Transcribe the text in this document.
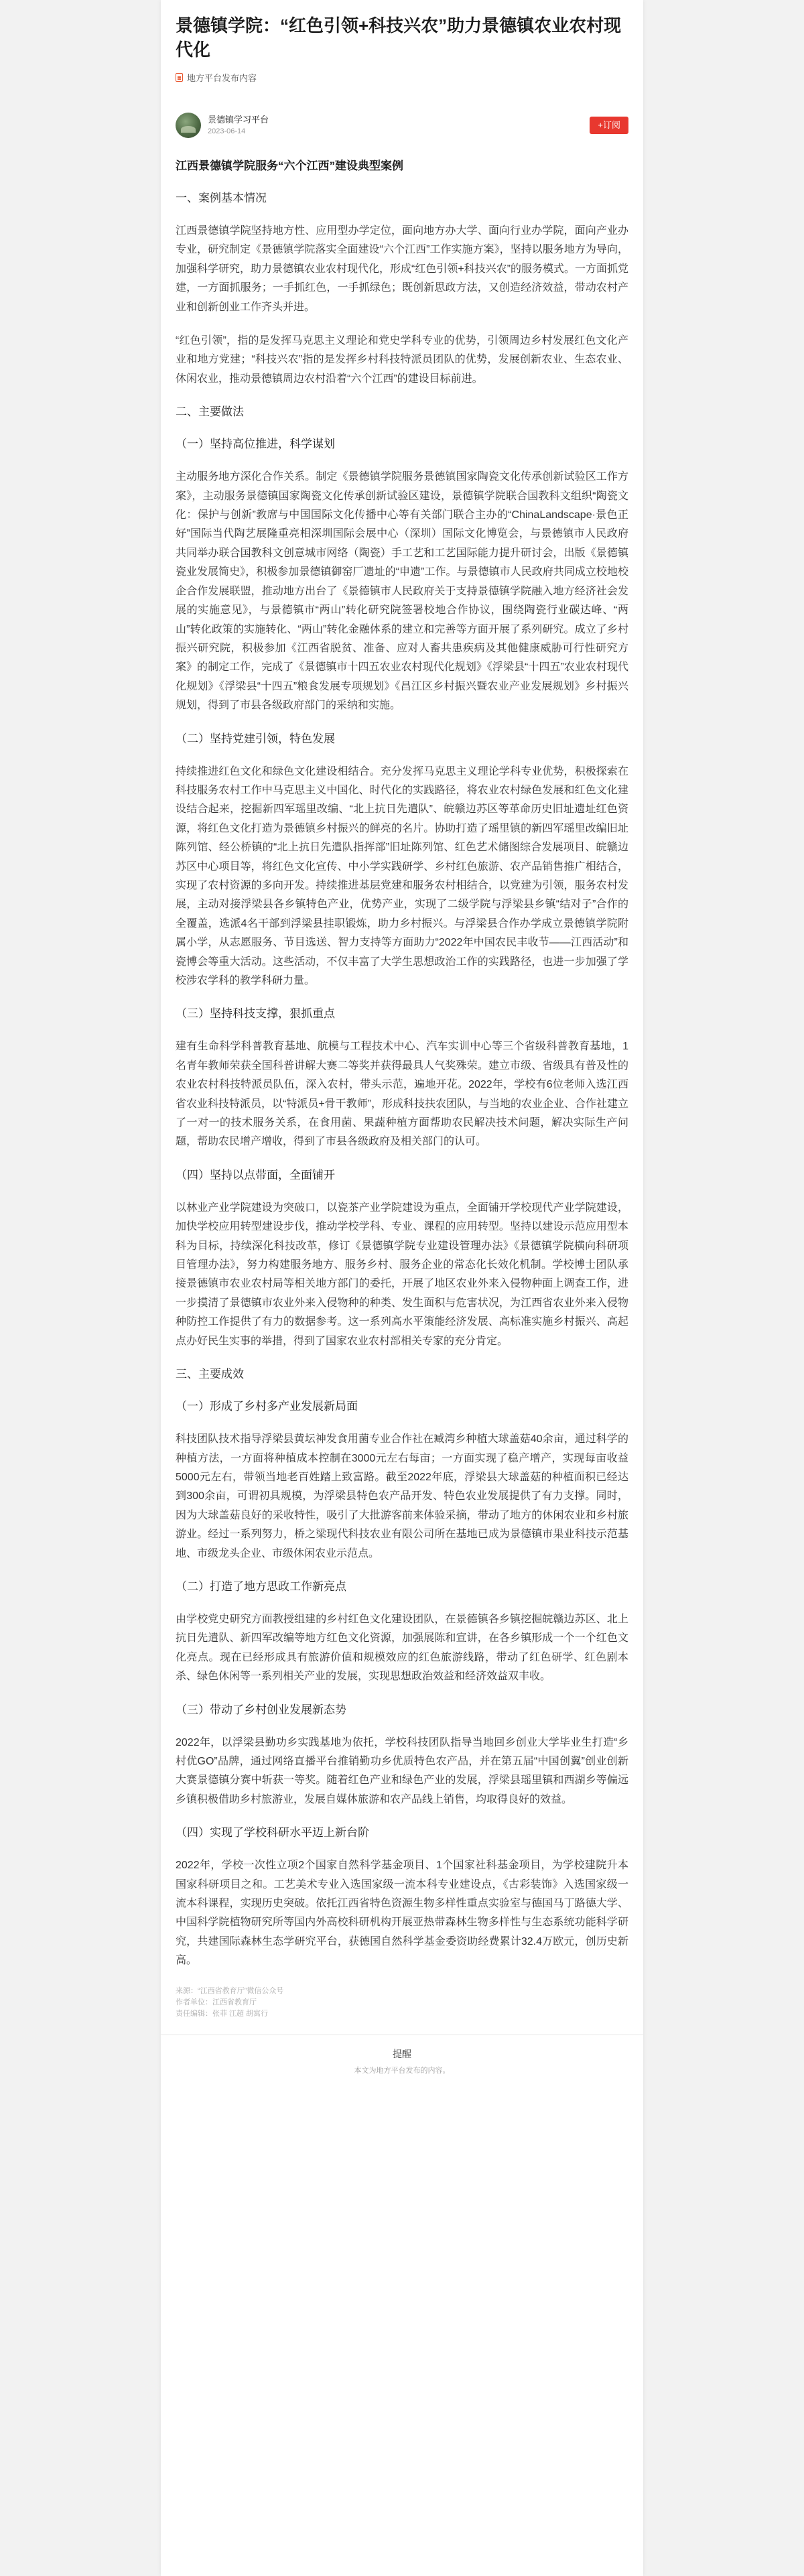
景德镇学院：“红色引领+科技兴农”助力景德镇农业农村现代化
地方平台发布内容
景德镇学习平台
2023-06-14
+订阅
江西景德镇学院服务“六个江西”建设典型案例
一、案例基本情况

江西景德镇学院坚持地方性、应用型办学定位，面向地方办大学、面向行业办学院，面向产业办专业，研究制定《景德镇学院落实全面建设“六个江西”工作实施方案》，坚持以服务地方为导向，加强科学研究，助力景德镇农业农村现代化，形成“红色引领+科技兴农”的服务模式。一方面抓党建，一方面抓服务；一手抓红色，一手抓绿色；既创新思政方法，又创造经济效益，带动农村产业和创新创业工作齐头并进。

“红色引领”，指的是发挥马克思主义理论和党史学科专业的优势，引领周边乡村发展红色文化产业和地方党建；“科技兴农”指的是发挥乡村科技特派员团队的优势，发展创新农业、生态农业、休闲农业，推动景德镇周边农村沿着“六个江西”的建设目标前进。

二、主要做法
（一）坚持高位推进，科学谋划

主动服务地方深化合作关系。制定《景德镇学院服务景德镇国家陶瓷文化传承创新试验区工作方案》，主动服务景德镇国家陶瓷文化传承创新试验区建设，景德镇学院联合国教科文组织“陶瓷文化：保护与创新”教席与中国国际文化传播中心等有关部门联合主办的“ChinaLandscape·景色正好”国际当代陶艺展隆重亮相深圳国际会展中心（深圳）国际文化博览会，与景德镇市人民政府共同举办联合国教科文创意城市网络（陶瓷）手工艺和工艺国际能力提升研讨会，出版《景德镇瓷业发展简史》，积极参加景德镇御窑厂遗址的“申遗”工作。与景德镇市人民政府共同成立校地校企合作发展联盟，推动地方出台了《景德镇市人民政府关于支持景德镇学院融入地方经济社会发展的实施意见》，与景德镇市“两山”转化研究院签署校地合作协议，围绕陶瓷行业碳达峰、“两山”转化政策的实施转化、“两山”转化金融体系的建立和完善等方面开展了系列研究。成立了乡村振兴研究院，积极参加《江西省脱贫、准备、应对人畜共患疾病及其他健康威胁可行性研究方案》的制定工作，完成了《景德镇市十四五农业农村现代化规划》《浮梁县“十四五”农业农村现代化规划》《浮梁县“十四五”粮食发展专项规划》《昌江区乡村振兴暨农业产业发展规划》乡村振兴规划，得到了市县各级政府部门的采纳和实施。

（二）坚持党建引领，特色发展

持续推进红色文化和绿色文化建设相结合。充分发挥马克思主义理论学科专业优势，积极探索在科技服务农村工作中马克思主义中国化、时代化的实践路径，将农业农村绿色发展和红色文化建设结合起来，挖掘新四军瑶里改编、“北上抗日先遣队”、皖赣边苏区等革命历史旧址遗址红色资源，将红色文化打造为景德镇乡村振兴的鲜亮的名片。协助打造了瑶里镇的新四军瑶里改编旧址陈列馆、经公桥镇的“北上抗日先遣队指挥部”旧址陈列馆、红色艺术储图综合发展项目、皖赣边苏区中心项目等，将红色文化宣传、中小学实践研学、乡村红色旅游、农产品销售推广相结合，实现了农村资源的多向开发。持续推进基层党建和服务农村相结合，以党建为引领，服务农村发展，主动对接浮梁县各乡镇特色产业，优势产业，实现了二级学院与浮梁县乡镇“结对子”合作的全覆盖，选派4名干部到浮梁县挂职锻炼，助力乡村振兴。与浮梁县合作办学成立景德镇学院附属小学，从志愿服务、节目选送、智力支持等方面助力“2022年中国农民丰收节——江西活动”和瓷博会等重大活动。这些活动，不仅丰富了大学生思想政治工作的实践路径，也进一步加强了学校涉农学科的教学科研力量。

（三）坚持科技支撑，狠抓重点

建有生命科学科普教育基地、航模与工程技术中心、汽车实训中心等三个省级科普教育基地，1名青年教师荣获全国科普讲解大赛二等奖并获得最具人气奖殊荣。建立市级、省级具有普及性的农业农村科技特派员队伍，深入农村，带头示范，遍地开花。2022年，学校有6位老师入选江西省农业科技特派员，以“特派员+骨干教师”，形成科技扶农团队，与当地的农业企业、合作社建立了一对一的技术服务关系，在食用菌、果蔬种植方面帮助农民解决技术问题，解决实际生产问题，帮助农民增产增收，得到了市县各级政府及相关部门的认可。

（四）坚持以点带面，全面铺开

以林业产业学院建设为突破口，以瓷茶产业学院建设为重点，全面铺开学校现代产业学院建设，加快学校应用转型建设步伐，推动学校学科、专业、课程的应用转型。坚持以建设示范应用型本科为目标，持续深化科技改革，修订《景德镇学院专业建设管理办法》《景德镇学院横向科研项目管理办法》，努力构建服务地方、服务乡村、服务企业的常态化长效化机制。学校博士团队承接景德镇市农业农村局等相关地方部门的委托，开展了地区农业外来入侵物种面上调查工作，进一步摸清了景德镇市农业外来入侵物种的种类、发生面积与危害状况，为江西省农业外来入侵物种防控工作提供了有力的数据参考。这一系列高水平策能经济发展、高标准实施乡村振兴、高起点办好民生实事的举措，得到了国家农业农村部相关专家的充分肯定。

三、主要成效
（一）形成了乡村多产业发展新局面

科技团队技术指导浮梁县黄坛神发食用菌专业合作社在臧湾乡种植大球盖菇40余亩，通过科学的种植方法，一方面将种植成本控制在3000元左右每亩；一方面实现了稳产增产，实现每亩收益5000元左右，带领当地老百姓踏上致富路。截至2022年底，浮梁县大球盖菇的种植面积已经达到300余亩，可谓初具规模，为浮梁县特色农产品开发、特色农业发展提供了有力支撑。同时，因为大球盖菇良好的采收特性，吸引了大批游客前来体验采摘，带动了地方的休闲农业和乡村旅游业。经过一系列努力，桥之梁现代科技农业有限公司所在基地已成为景德镇市果业科技示范基地、市级龙头企业、市级休闲农业示范点。

（二）打造了地方思政工作新亮点

由学校党史研究方面教授组建的乡村红色文化建设团队，在景德镇各乡镇挖掘皖赣边苏区、北上抗日先遣队、新四军改编等地方红色文化资源，加强展陈和宣讲，在各乡镇形成一个一个红色文化亮点。现在已经形成具有旅游价值和规模效应的红色旅游线路，带动了红色研学、红色剧本杀、绿色休闲等一系列相关产业的发展，实现思想政治效益和经济效益双丰收。

（三）带动了乡村创业发展新态势

2022年，以浮梁县勤功乡实践基地为依托，学校科技团队指导当地回乡创业大学毕业生打造“乡村优GO”品牌，通过网络直播平台推销勤功乡优质特色农产品，并在第五届“中国创翼”创业创新大赛景德镇分赛中斩获一等奖。随着红色产业和绿色产业的发展，浮梁县瑶里镇和西湖乡等偏远乡镇积极借助乡村旅游业，发展自媒体旅游和农产品线上销售，均取得良好的效益。

（四）实现了学校科研水平迈上新台阶

2022年，学校一次性立项2个国家自然科学基金项目、1个国家社科基金项目，为学校建院升本国家科研项目之和。工艺美术专业入选国家级一流本科专业建设点，《古彩装饰》入选国家级一流本科课程，实现历史突破。依托江西省特色资源生物多样性重点实验室与德国马丁路德大学、中国科学院植物研究所等国内外高校科研机构开展亚热带森林生物多样性与生态系统功能科学研究，共建国际森林生态学研究平台，获德国自然科学基金委资助经费累计32.4万欧元，创历史新高。

来源：“江西省教育厅”微信公众号
作者单位：江西省教育厅
责任编辑：张菲 江超 胡寓行
提醒
本文为地方平台发布的内容。
